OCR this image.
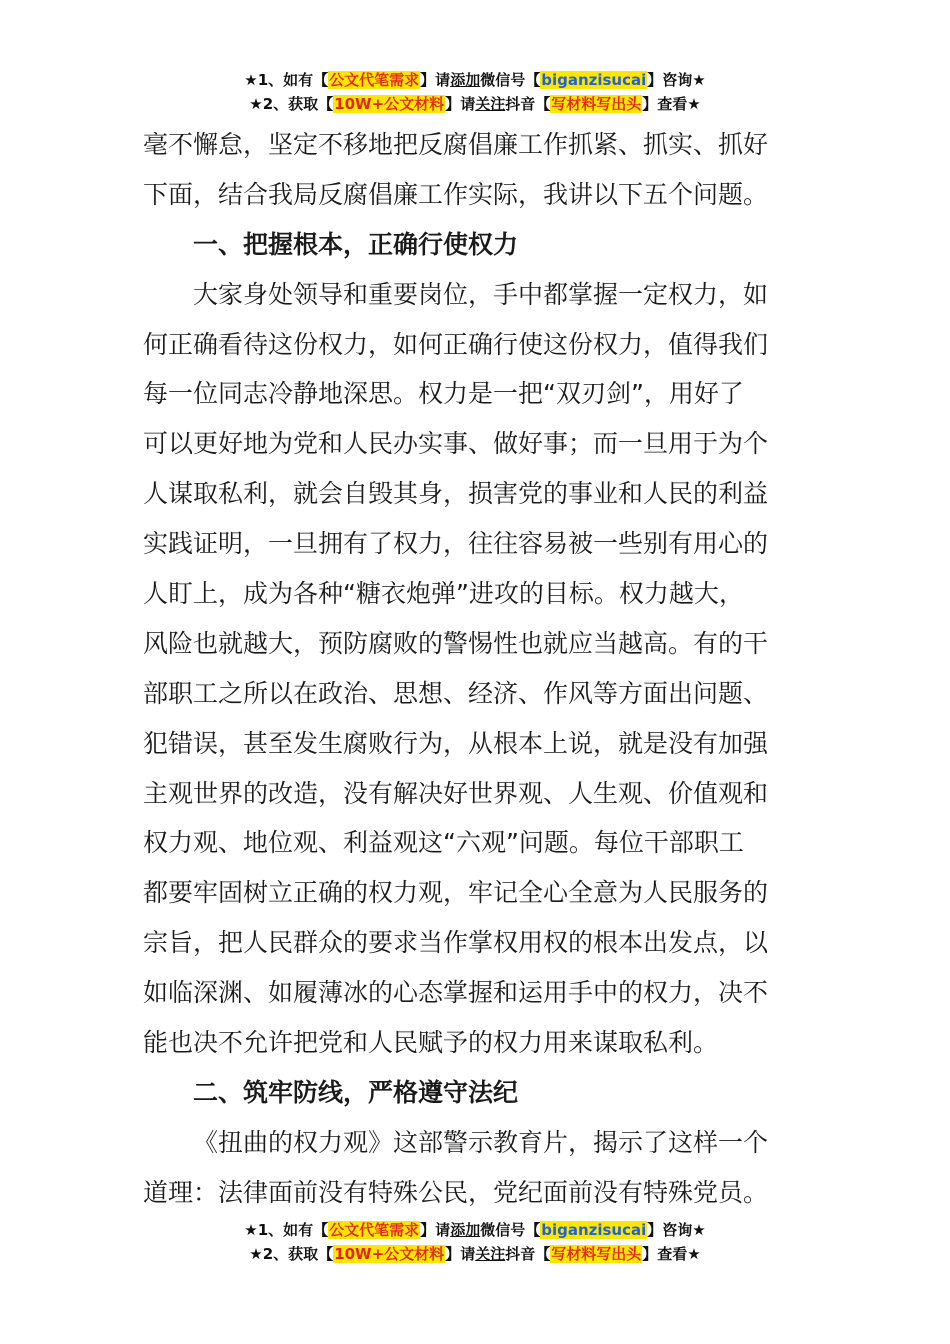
★1、如有【公文代笔需求】请添加微信号【biganzisucai】咨询★
★2、获取【10W+公文材料】请关注抖音【写材料写出头】查看★
毫不懈怠，坚定不移地把反腐倡廉工作抓紧、抓实、抓好
下面，结合我局反腐倡廉工作实际，我讲以下五个问题。
一、把握根本，正确行使权力
大家身处领导和重要岗位，手中都掌握一定权力，如
何正确看待这份权力，如何正确行使这份权力，值得我们
每一位同志冷静地深思。权力是一把“双刃剑”，用好了
可以更好地为党和人民办实事、做好事；而一旦用于为个
人谋取私利，就会自毁其身，损害党的事业和人民的利益
实践证明，一旦拥有了权力，往往容易被一些别有用心的
人盯上，成为各种“糖衣炮弹”进攻的目标。权力越大，
风险也就越大，预防腐败的警惕性也就应当越高。有的干
部职工之所以在政治、思想、经济、作风等方面出问题、
犯错误，甚至发生腐败行为，从根本上说，就是没有加强
主观世界的改造，没有解决好世界观、人生观、价值观和
权力观、地位观、利益观这“六观”问题。每位干部职工
都要牢固树立正确的权力观，牢记全心全意为人民服务的
宗旨，把人民群众的要求当作掌权用权的根本出发点，以
如临深渊、如履薄冰的心态掌握和运用手中的权力，决不
能也决不允许把党和人民赋予的权力用来谋取私利。
二、筑牢防线，严格遵守法纪
《扭曲的权力观》这部警示教育片，揭示了这样一个
道理：法律面前没有特殊公民，党纪面前没有特殊党员。
★1、如有【公文代笔需求】请添加微信号【biganzisucai】咨询★
★2、获取【10W+公文材料】请关注抖音【写材料写出头】查看★
